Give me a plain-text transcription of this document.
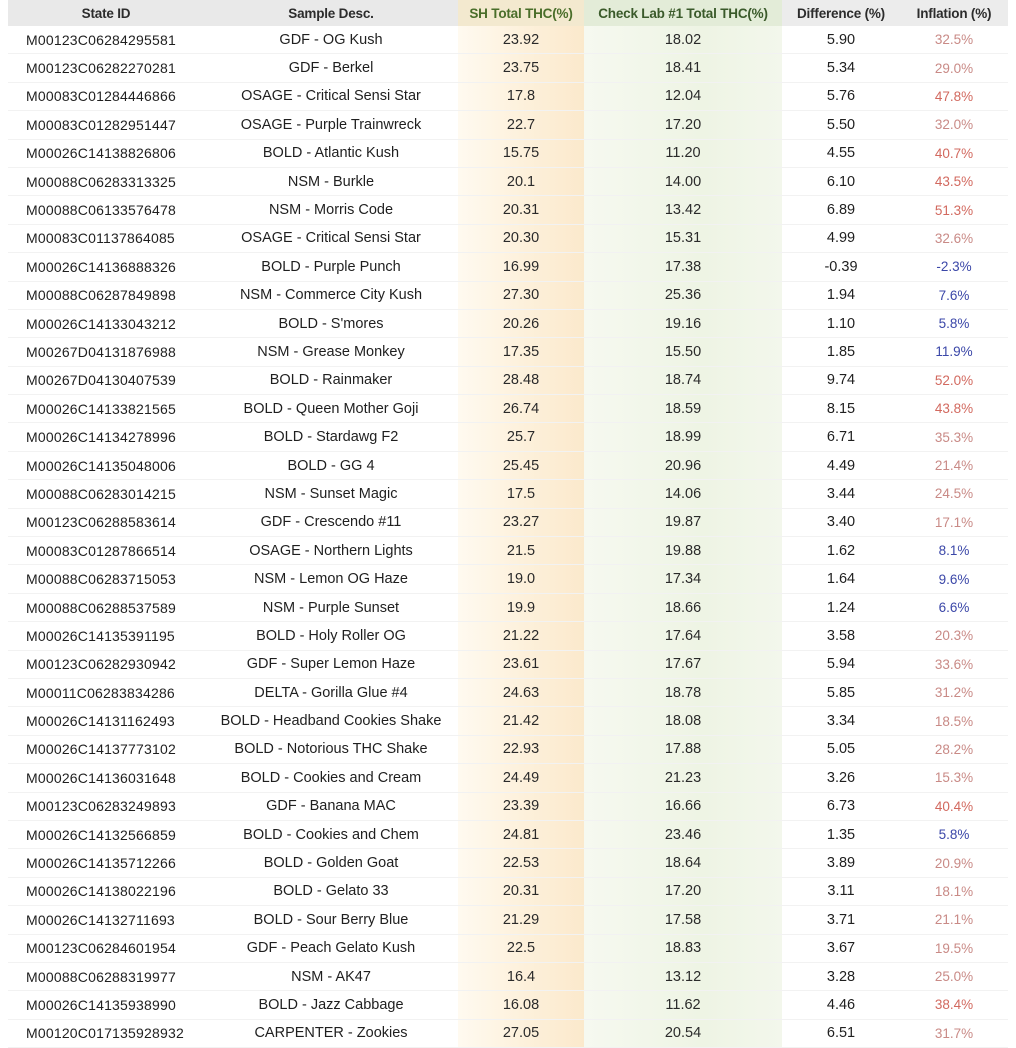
State ID	Sample Desc.	SH Total THC(%)	Check Lab #1 Total THC(%)	Difference (%)	Inflation (%)
M00123C06284295581	GDF - OG Kush	23.92	18.02	5.90	32.5%
M00123C06282270281	GDF - Berkel	23.75	18.41	5.34	29.0%
M00083C01284446866	OSAGE - Critical Sensi Star	17.8	12.04	5.76	47.8%
M00083C01282951447	OSAGE - Purple Trainwreck	22.7	17.20	5.50	32.0%
M00026C14138826806	BOLD - Atlantic Kush	15.75	11.20	4.55	40.7%
M00088C06283313325	NSM - Burkle	20.1	14.00	6.10	43.5%
M00088C06133576478	NSM - Morris Code	20.31	13.42	6.89	51.3%
M00083C01137864085	OSAGE - Critical Sensi Star	20.30	15.31	4.99	32.6%
M00026C14136888326	BOLD - Purple Punch	16.99	17.38	-0.39	-2.3%
M00088C06287849898	NSM - Commerce City Kush	27.30	25.36	1.94	7.6%
M00026C14133043212	BOLD - S'mores	20.26	19.16	1.10	5.8%
M00267D04131876988	NSM - Grease Monkey	17.35	15.50	1.85	11.9%
M00267D04130407539	BOLD - Rainmaker	28.48	18.74	9.74	52.0%
M00026C14133821565	BOLD - Queen Mother Goji	26.74	18.59	8.15	43.8%
M00026C14134278996	BOLD - Stardawg F2	25.7	18.99	6.71	35.3%
M00026C14135048006	BOLD - GG 4	25.45	20.96	4.49	21.4%
M00088C06283014215	NSM - Sunset Magic	17.5	14.06	3.44	24.5%
M00123C06288583614	GDF - Crescendo #11	23.27	19.87	3.40	17.1%
M00083C01287866514	OSAGE - Northern Lights	21.5	19.88	1.62	8.1%
M00088C06283715053	NSM - Lemon OG Haze	19.0	17.34	1.64	9.6%
M00088C06288537589	NSM - Purple Sunset	19.9	18.66	1.24	6.6%
M00026C14135391195	BOLD - Holy Roller OG	21.22	17.64	3.58	20.3%
M00123C06282930942	GDF - Super Lemon Haze	23.61	17.67	5.94	33.6%
M00011C06283834286	DELTA - Gorilla Glue #4	24.63	18.78	5.85	31.2%
M00026C14131162493	BOLD - Headband Cookies Shake	21.42	18.08	3.34	18.5%
M00026C14137773102	BOLD - Notorious THC Shake	22.93	17.88	5.05	28.2%
M00026C14136031648	BOLD - Cookies and Cream	24.49	21.23	3.26	15.3%
M00123C06283249893	GDF - Banana MAC	23.39	16.66	6.73	40.4%
M00026C14132566859	BOLD - Cookies and Chem	24.81	23.46	1.35	5.8%
M00026C14135712266	BOLD - Golden Goat	22.53	18.64	3.89	20.9%
M00026C14138022196	BOLD - Gelato 33	20.31	17.20	3.11	18.1%
M00026C14132711693	BOLD - Sour Berry Blue	21.29	17.58	3.71	21.1%
M00123C06284601954	GDF - Peach Gelato Kush	22.5	18.83	3.67	19.5%
M00088C06288319977	NSM - AK47	16.4	13.12	3.28	25.0%
M00026C14135938990	BOLD - Jazz Cabbage	16.08	11.62	4.46	38.4%
M00120C017135928932	CARPENTER - Zookies	27.05	20.54	6.51	31.7%
